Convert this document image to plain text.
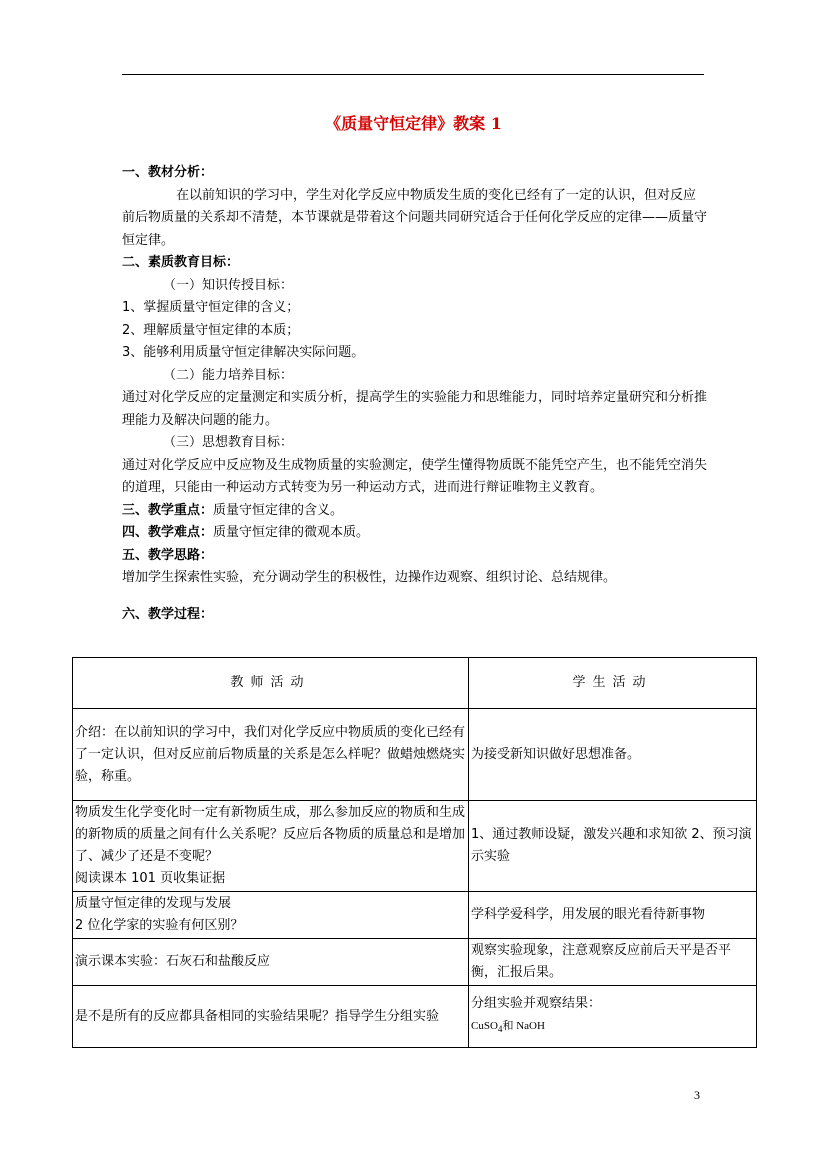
《质量守恒定律》教案 1

一、教材分析：

在以前知识的学习中，学生对化学反应中物质发生质的变化已经有了一定的认识，但对反应前后物质量的关系却不清楚，本节课就是带着这个问题共同研究适合于任何化学反应的定律——质量守恒定律。

二、素质教育目标：

（一）知识传授目标：

1、掌握质量守恒定律的含义；

2、理解质量守恒定律的本质；

3、能够利用质量守恒定律解决实际问题。

（二）能力培养目标：

通过对化学反应的定量测定和实质分析，提高学生的实验能力和思维能力，同时培养定量研究和分析推理能力及解决问题的能力。

（三）思想教育目标：

通过对化学反应中反应物及生成物质量的实验测定，使学生懂得物质既不能凭空产生，也不能凭空消失的道理，只能由一种运动方式转变为另一种运动方式，进而进行辩证唯物主义教育。

三、教学重点：质量守恒定律的含义。

四、教学难点：质量守恒定律的微观本质。

五、教学思路：

增加学生探索性实验，充分调动学生的积极性，边操作边观察、组织讨论、总结规律。

六、教学过程：

教师活动	学生活动
介绍：在以前知识的学习中，我们对化学反应中物质质的变化已经有了一定认识，但对反应前后物质量的关系是怎么样呢？做蜡烛燃烧实验，称重。	为接受新知识做好思想准备。

物质发生化学变化时一定有新物质生成，那么参加反应的物质和生成的新物质的质量之间有什么关系呢？反应后各物质的质量总和是增加了、减少了还是不变呢？
阅读课本 101 页收集证据	1、通过教师设疑，激发兴趣和求知欲 2、预习演示实验

质量守恒定律的发现与发展
2 位化学家的实验有何区别？	学科学爱科学，用发展的眼光看待新事物
演示课本实验：石灰石和盐酸反应	观察实验现象，注意观察反应前后天平是否平衡，汇报后果。
是不是所有的反应都具备相同的实验结果呢？指导学生分组实验	分组实验并观察结果：
CuSO$_4$和 NaOH
3
